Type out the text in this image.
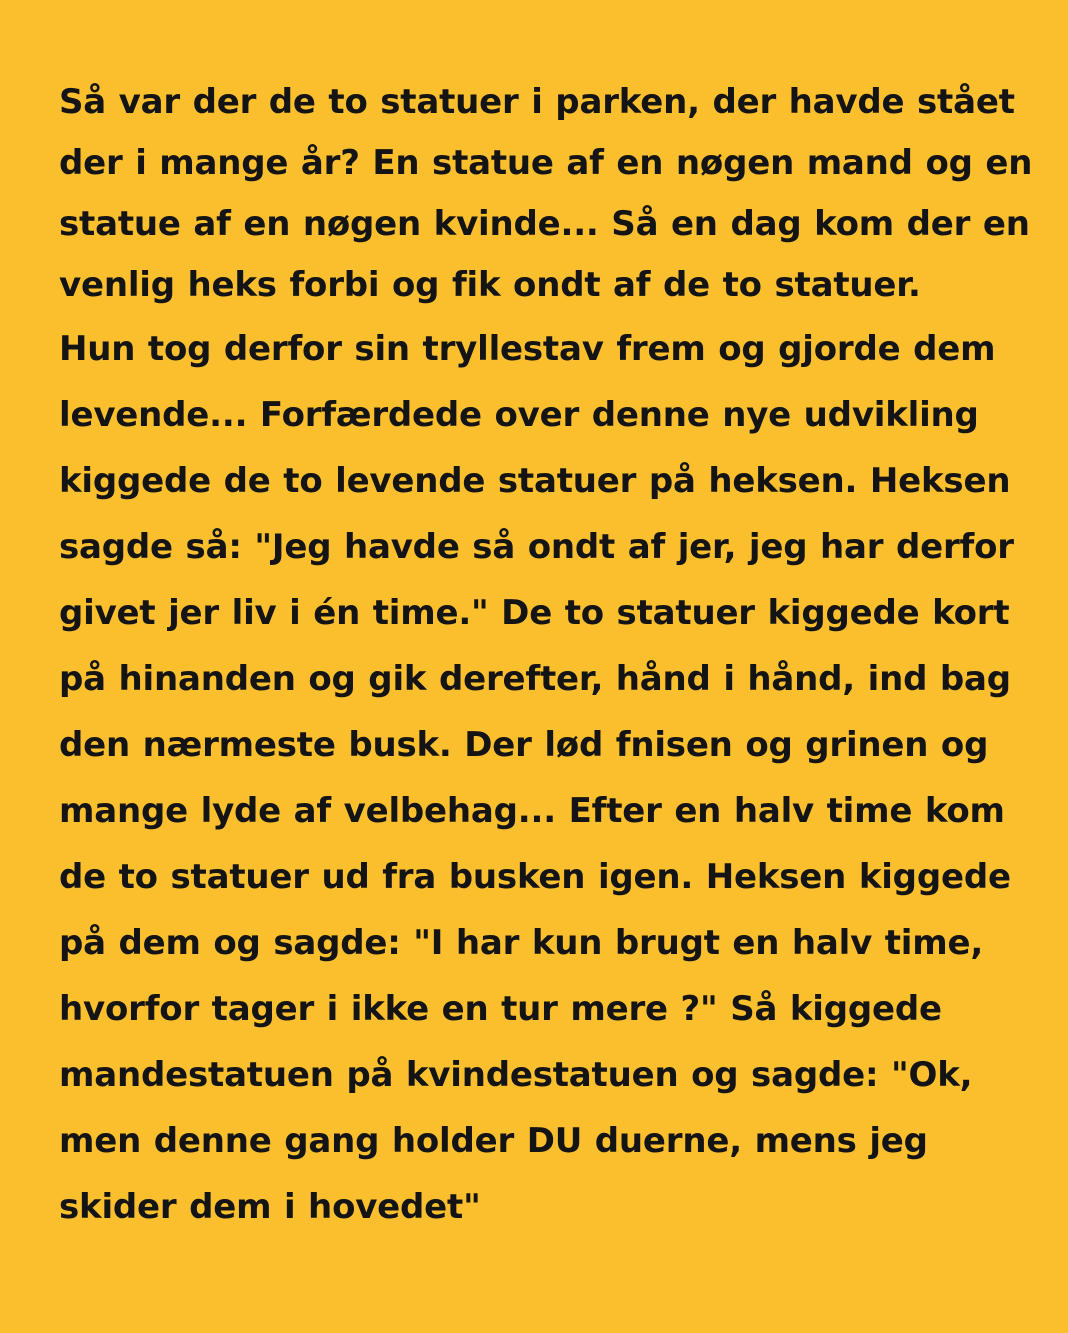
Så var der de to statuer i parken, der havde stået
der i mange år? En statue af en nøgen mand og en
statue af en nøgen kvinde... Så en dag kom der en
venlig heks forbi og fik ondt af de to statuer.
Hun tog derfor sin tryllestav frem og gjorde dem
levende... Forfærdede over denne nye udvikling
kiggede de to levende statuer på heksen. Heksen
sagde så: "Jeg havde så ondt af jer, jeg har derfor
givet jer liv i én time." De to statuer kiggede kort
på hinanden og gik derefter, hånd i hånd, ind bag
den nærmeste busk. Der lød fnisen og grinen og
mange lyde af velbehag... Efter en halv time kom
de to statuer ud fra busken igen. Heksen kiggede
på dem og sagde: "I har kun brugt en halv time,
hvorfor tager i ikke en tur mere ?" Så kiggede
mandestatuen på kvindestatuen og sagde: "Ok,
men denne gang holder DU duerne, mens jeg
skider dem i hovedet"
